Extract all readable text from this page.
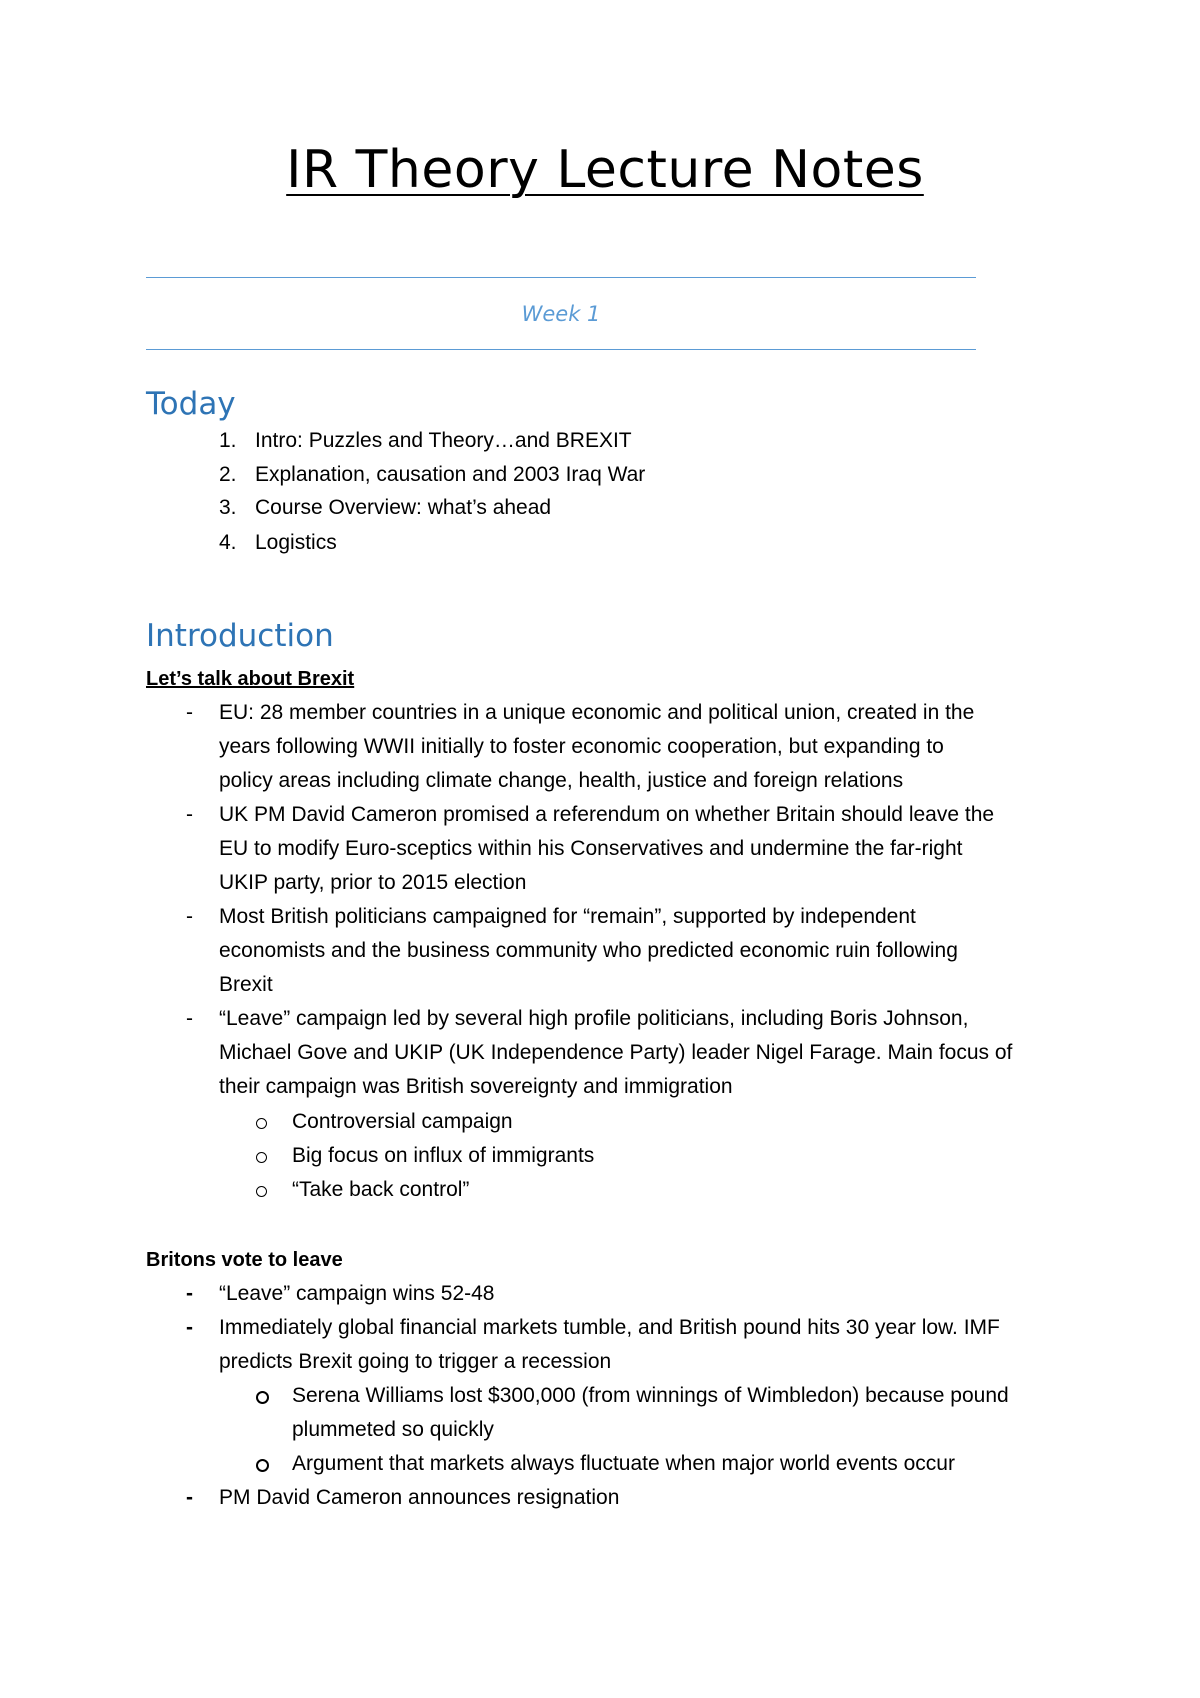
IR Theory Lecture Notes
Week 1
Today
1. Intro: Puzzles and Theory…and BREXIT
2. Explanation, causation and 2003 Iraq War
3. Course Overview: what’s ahead
4. Logistics
Introduction
Let’s talk about Brexit
- EU: 28 member countries in a unique economic and political union, created in the
years following WWII initially to foster economic cooperation, but expanding to
policy areas including climate change, health, justice and foreign relations
- UK PM David Cameron promised a referendum on whether Britain should leave the
EU to modify Euro-sceptics within his Conservatives and undermine the far-right
UKIP party, prior to 2015 election
- Most British politicians campaigned for “remain”, supported by independent
economists and the business community who predicted economic ruin following
Brexit
- “Leave” campaign led by several high profile politicians, including Boris Johnson,
Michael Gove and UKIP (UK Independence Party) leader Nigel Farage. Main focus of
their campaign was British sovereignty and immigration
Controversial campaign
Big focus on influx of immigrants
“Take back control”
Britons vote to leave
- “Leave” campaign wins 52-48
- Immediately global financial markets tumble, and British pound hits 30 year low. IMF
predicts Brexit going to trigger a recession
Serena Williams lost $300,000 (from winnings of Wimbledon) because pound
plummeted so quickly
Argument that markets always fluctuate when major world events occur
- PM David Cameron announces resignation
